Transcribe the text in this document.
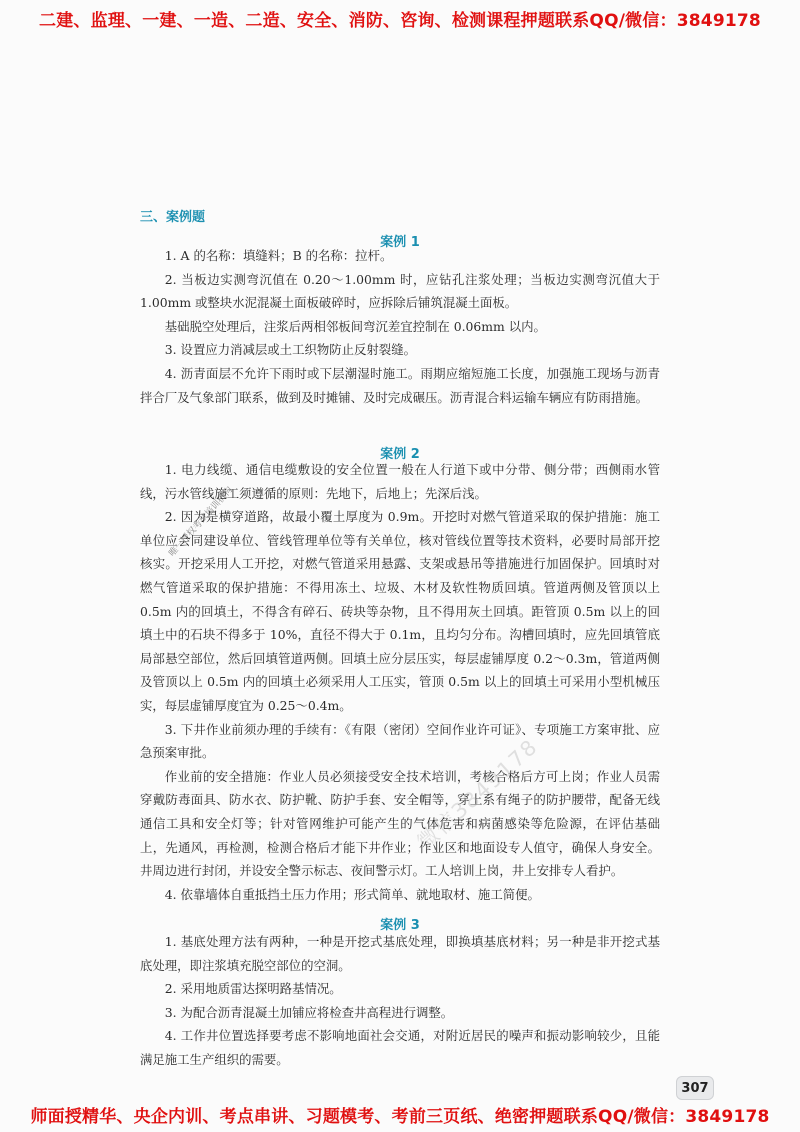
二建、监理、一建、一造、二造、安全、消防、咨询、检测课程押题联系QQ/微信：3849178
三、案例题
案例 1

1. A 的名称：填缝料；B 的名称：拉杆。

2. 当板边实测弯沉值在 0.20～1.00mm 时，应钻孔注浆处理；当板边实测弯沉值大于 1.00mm 或整块水泥混凝土面板破碎时，应拆除后铺筑混凝土面板。

基础脱空处理后，注浆后两相邻板间弯沉差宜控制在 0.06mm 以内。

3. 设置应力消减层或土工织物防止反射裂缝。

4. 沥青面层不允许下雨时或下层潮湿时施工。雨期应缩短施工长度，加强施工现场与沥青拌合厂及气象部门联系，做到及时摊铺、及时完成碾压。沥青混合料运输车辆应有防雨措施。

案例 2

1. 电力线缆、通信电缆敷设的安全位置一般在人行道下或中分带、侧分带；西侧雨水管线，污水管线施工须遵循的原则：先地下，后地上；先深后浅。

2. 因为是横穿道路，故最小覆土厚度为 0.9m。开挖时对燃气管道采取的保护措施：施工单位应会同建设单位、管线管理单位等有关单位，核对管线位置等技术资料，必要时局部开挖核实。开挖采用人工开挖，对燃气管道采用悬露、支架或悬吊等措施进行加固保护。回填时对燃气管道采取的保护措施：不得用冻土、垃圾、木材及软性物质回填。管道两侧及管顶以上 0.5m 内的回填土，不得含有碎石、砖块等杂物，且不得用灰土回填。距管顶 0.5m 以上的回填土中的石块不得多于 10%，直径不得大于 0.1m，且均匀分布。沟槽回填时，应先回填管底局部悬空部位，然后回填管道两侧。回填土应分层压实，每层虚铺厚度 0.2～0.3m，管道两侧及管顶以上 0.5m 内的回填土必须采用人工压实，管顶 0.5m 以上的回填土可采用小型机械压实，每层虚铺厚度宜为 0.25～0.4m。

3. 下井作业前须办理的手续有：《有限（密闭）空间作业许可证》、专项施工方案审批、应急预案审批。

作业前的安全措施：作业人员必须接受安全技术培训，考核合格后方可上岗；作业人员需穿戴防毒面具、防水衣、防护靴、防护手套、安全帽等，穿上系有绳子的防护腰带，配备无线通信工具和安全灯等；针对管网维护可能产生的气体危害和病菌感染等危险源，在评估基础上，先通风，再检测，检测合格后才能下井作业；作业区和地面设专人值守，确保人身安全。井周边进行封闭，并设安全警示标志、夜间警示灯。工人培训上岗，井上安排专人看护。

4. 依靠墙体自重抵挡土压力作用；形式简单、就地取材、施工简便。

案例 3

1. 基底处理方法有两种，一种是开挖式基底处理，即换填基底材料；另一种是非开挖式基底处理，即注浆填充脱空部位的空洞。

2. 采用地质雷达探明路基情况。

3. 为配合沥青混凝土加铺应将检查井高程进行调整。

4. 工作井位置选择要考虑不影响地面社会交通，对附近居民的噪声和振动影响较少，且能满足施工生产组织的需要。

唯一授权考试培训机构
微信3849178
307
师面授精华、央企内训、考点串讲、习题模考、考前三页纸、绝密押题联系QQ/微信：3849178
